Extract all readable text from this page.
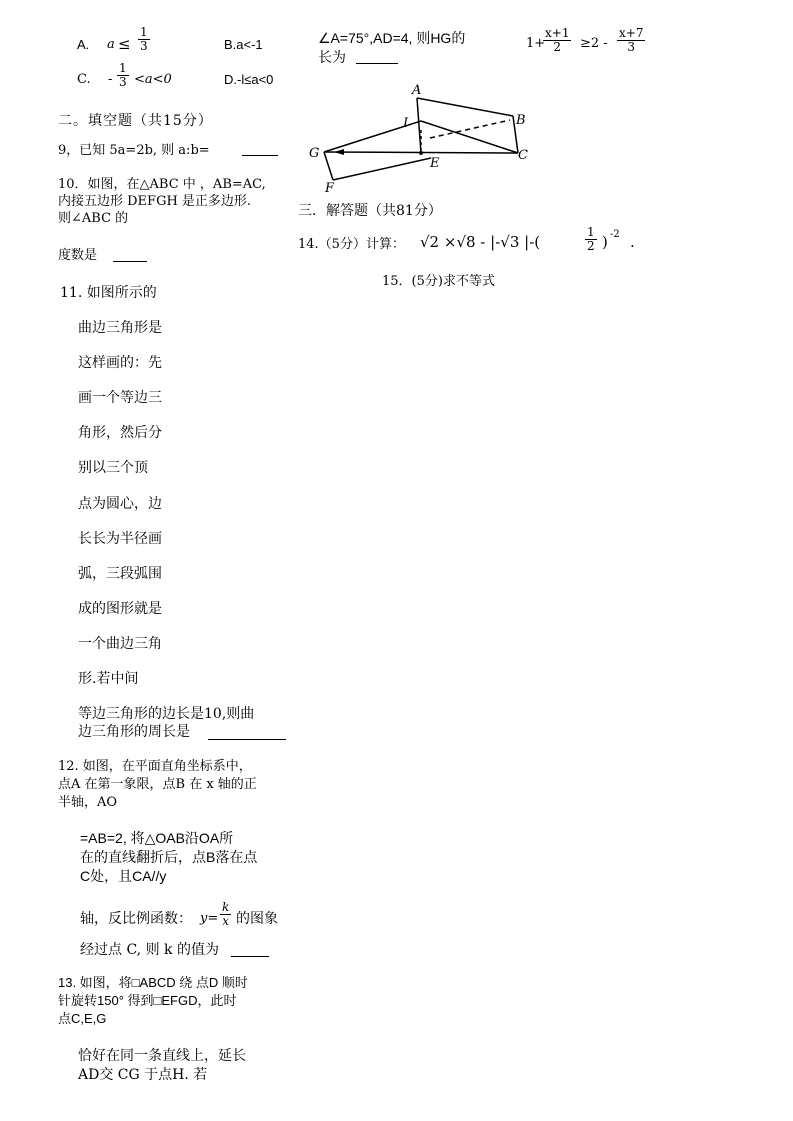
A. $a \le \frac{1}{3}$	B.a<-1
C. - $\frac{1}{3} <a<0$	D.-l≤a<0
二。填空题（共15分）
9，已知 5a=2b, 则 a:b=
10．如图，在△ABC 中 ，AB=AC,
内接五边形 DEFGH 是正多边形.
则∠ABC 的
度数是
11. 如图所示的
曲边三角形是
这样画的：先
画一个等边三
角形，然后分
别以三个顶
点为圆心，边
长长为半径画
弧，三段弧围
成的图形就是
一个曲边三角
形.若中间
等边三角形的边长是10,则曲
边三角形的周长是
12. 如图，在平面直角坐标系中，
点A 在第一象限，点B 在 x 轴的正
半轴，AO
=AB=2, 将△OAB沿OA所
在的直线翻折后，点B落在点
C处，且CA//y
轴，反比例函数： $y= \frac{k}{x}$ 的图象
经过点 C, 则 k 的值为
13. 如图，将□ABCD 绕 点D 顺时
针旋转150° 得到□EFGD，此时
点C,E,G
恰好在同一条直线上，延长
AD交 CG 于点H. 若
∠A=75°,AD=4, 则HG的
长为
1+
$\frac{x+1}{2} \ge 2 - \frac{x+7}{3}$
A
B
C
E
I
G
F
三．解答题（共81分）
14.（5分）计算： √2 ×√8 - |-√3 |-(	$\frac{1}{2}$ ) -2 .
15．(5分)求不等式
